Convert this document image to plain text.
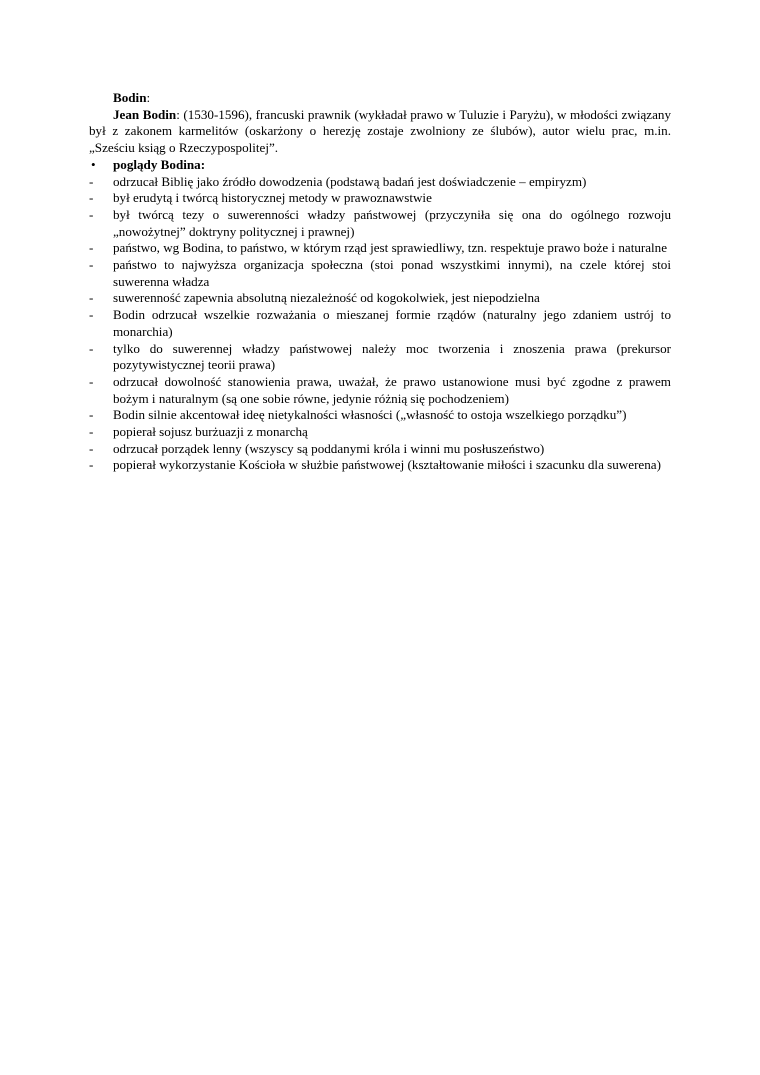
Bodin:

Jean Bodin: (1530-1596), francuski prawnik (wykładał prawo w Tuluzie i Paryżu), w młodości związany był z zakonem karmelitów (oskarżony o herezję zostaje zwolniony ze ślubów), autor wielu prac, m.in. „Sześciu ksiąg o Rzeczypospolitej”.

• poglądy Bodina:
- odrzucał Biblię jako źródło dowodzenia (podstawą badań jest doświadczenie – empiryzm)
- był erudytą i twórcą historycznej metody w prawoznawstwie
- był twórcą tezy o suwerenności władzy państwowej (przyczyniła się ona do ogólnego rozwoju „nowożytnej” doktryny politycznej i prawnej)
- państwo, wg Bodina, to państwo, w którym rząd jest sprawiedliwy, tzn. respektuje prawo boże i naturalne
- państwo to najwyższa organizacja społeczna (stoi ponad wszystkimi innymi), na czele której stoi suwerenna władza
- suwerenność zapewnia absolutną niezależność od kogokolwiek, jest niepodzielna
- Bodin odrzucał wszelkie rozważania o mieszanej formie rządów (naturalny jego zdaniem ustrój to monarchia)
- tylko do suwerennej władzy państwowej należy moc tworzenia i znoszenia prawa (prekursor pozytywistycznej teorii prawa)
- odrzucał dowolność stanowienia prawa, uważał, że prawo ustanowione musi być zgodne z prawem bożym i naturalnym (są one sobie równe, jedynie różnią się pochodzeniem)
- Bodin silnie akcentował ideę nietykalności własności („własność to ostoja wszelkiego porządku”)
- popierał sojusz burżuazji z monarchą
- odrzucał porządek lenny (wszyscy są poddanymi króla i winni mu posłuszeństwo)
- popierał wykorzystanie Kościoła w służbie państwowej (kształtowanie miłości i szacunku dla suwerena)
